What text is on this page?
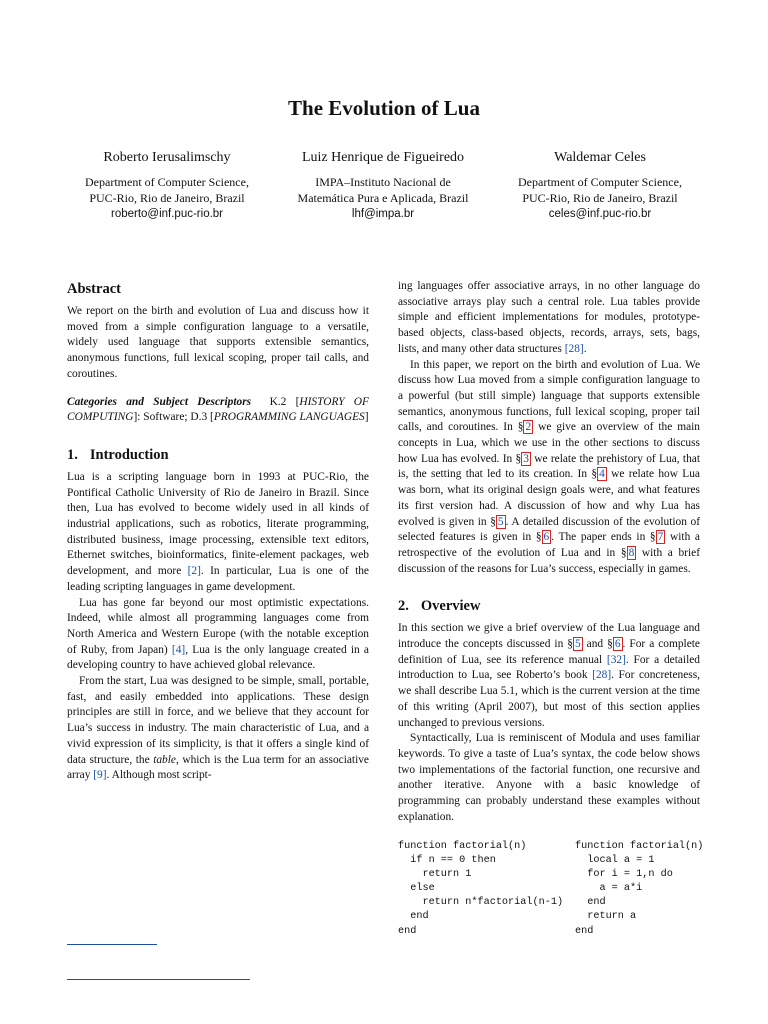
The Evolution of Lua
Roberto Ierusalimschy
Department of Computer Science,
PUC-Rio, Rio de Janeiro, Brazil
roberto@inf.puc-rio.br
Luiz Henrique de Figueiredo
IMPA–Instituto Nacional de
Matemática Pura e Aplicada, Brazil
lhf@impa.br
Waldemar Celes
Department of Computer Science,
PUC-Rio, Rio de Janeiro, Brazil
celes@inf.puc-rio.br
Abstract

We report on the birth and evolution of Lua and discuss how it moved from a simple configuration language to a versatile, widely used language that supports extensible semantics, anonymous functions, full lexical scoping, proper tail calls, and coroutines.

Categories and Subject Descriptors K.2 [HISTORY OF COMPUTING]: Software; D.3 [PROGRAMMING LANGUAGES]

1. Introduction

Lua is a scripting language born in 1993 at PUC-Rio, the Pontifical Catholic University of Rio de Janeiro in Brazil. Since then, Lua has evolved to become widely used in all kinds of industrial applications, such as robotics, literate programming, distributed business, image processing, extensible text editors, Ethernet switches, bioinformatics, finite-element packages, web development, and more [2]. In particular, Lua is one of the leading scripting languages in game development.

Lua has gone far beyond our most optimistic expectations. Indeed, while almost all programming languages come from North America and Western Europe (with the notable exception of Ruby, from Japan) [4], Lua is the only language created in a developing country to have achieved global relevance.

From the start, Lua was designed to be simple, small, portable, fast, and easily embedded into applications. These design principles are still in force, and we believe that they account for Lua’s success in industry. The main characteristic of Lua, and a vivid expression of its simplicity, is that it offers a single kind of data structure, the table, which is the Lua term for an associative array [9]. Although most script-

ing languages offer associative arrays, in no other language do associative arrays play such a central role. Lua tables provide simple and efficient implementations for modules, prototype-based objects, class-based objects, records, arrays, sets, bags, lists, and many other data structures [28].

In this paper, we report on the birth and evolution of Lua. We discuss how Lua moved from a simple configuration language to a powerful (but still simple) language that supports extensible semantics, anonymous functions, full lexical scoping, proper tail calls, and coroutines. In § 2 we give an overview of the main concepts in Lua, which we use in the other sections to discuss how Lua has evolved. In § 3 we relate the prehistory of Lua, that is, the setting that led to its creation. In § 4 we relate how Lua was born, what its original design goals were, and what features its first version had. A discussion of how and why Lua has evolved is given in § 5 . A detailed discussion of the evolution of selected features is given in § 6 . The paper ends in § 7 with a retrospective of the evolution of Lua and in § 8 with a brief discussion of the reasons for Lua’s success, especially in games.

2. Overview

In this section we give a brief overview of the Lua language and introduce the concepts discussed in § 5 and § 6 . For a complete definition of Lua, see its reference manual [32]. For a detailed introduction to Lua, see Roberto’s book [28]. For concreteness, we shall describe Lua 5.1, which is the current version at the time of this writing (April 2007), but most of this section applies unchanged to previous versions.

Syntactically, Lua is reminiscent of Modula and uses familiar keywords. To give a taste of Lua’s syntax, the code below shows two implementations of the factorial function, one recursive and another iterative. Anyone with a basic knowledge of programming can probably understand these examples without explanation.

function factorial(n)
if n == 0 then
return 1
else
return n*factorial(n-1)
end
end

function factorial(n)
local a = 1
for i = 1,n do
a = a*i
end
return a
end
